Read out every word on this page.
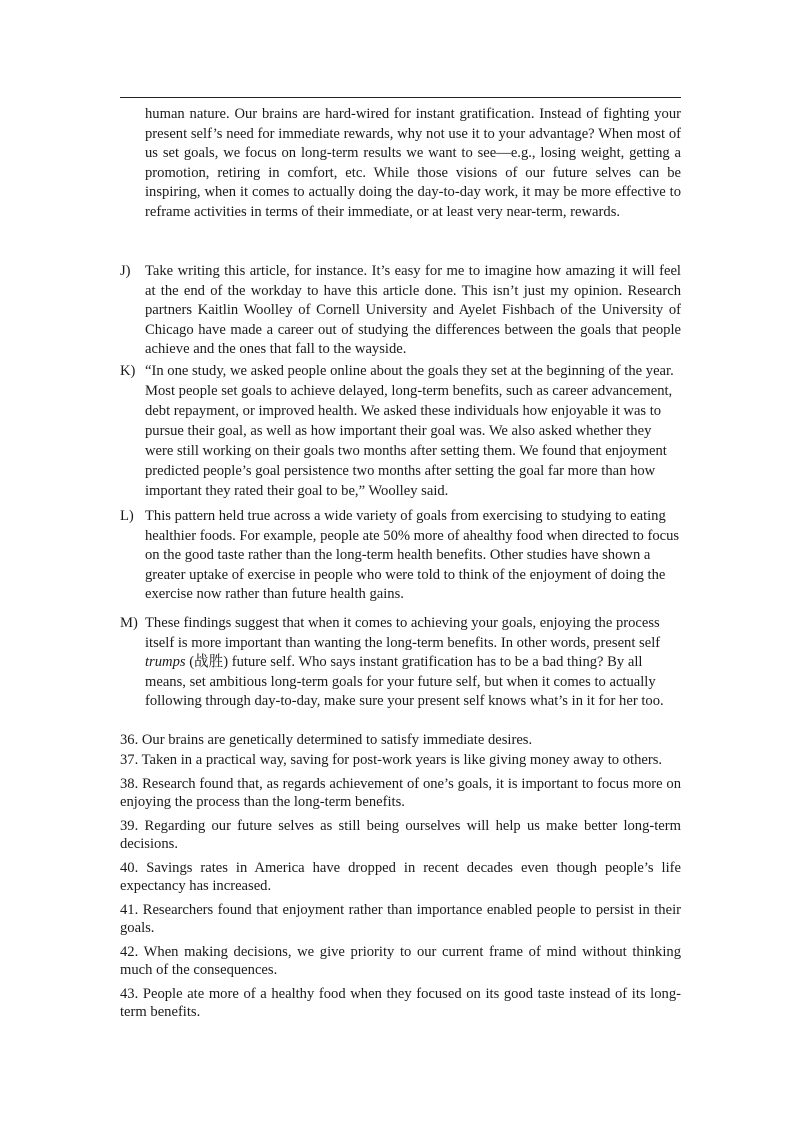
human nature. Our brains are hard-wired for instant gratification. Instead of fighting your present self’s need for immediate rewards, why not use it to your advantage? When most of us set goals, we focus on long-term results we want to see—e.g., losing weight, getting a promotion, retiring in comfort, etc. While those visions of our future selves can be inspiring, when it comes to actually doing the day-to-day work, it may be more effective to reframe activities in terms of their immediate, or at least very near-term, rewards.
J) Take writing this article, for instance. It’s easy for me to imagine how amazing it will feel at the end of the workday to have this article done. This isn’t just my opinion. Research partners Kaitlin Woolley of Cornell University and Ayelet Fishbach of the University of Chicago have made a career out of studying the differences between the goals that people achieve and the ones that fall to the wayside.
K) “In one study, we asked people online about the goals they set at the beginning of the year. Most people set goals to achieve delayed, long-term benefits, such as career advancement, debt repayment, or improved health. We asked these individuals how enjoyable it was to pursue their goal, as well as how important their goal was. We also asked whether they were still working on their goals two months after setting them. We found that enjoyment predicted people’s goal persistence two months after setting the goal far more than how important they rated their goal to be,” Woolley said.
L) This pattern held true across a wide variety of goals from exercising to studying to eating healthier foods. For example, people ate 50% more of ahealthy food when directed to focus on the good taste rather than the long-term health benefits. Other studies have shown a greater uptake of exercise in people who were told to think of the enjoyment of doing the exercise now rather than future health gains.
M) These findings suggest that when it comes to achieving your goals, enjoying the process itself is more important than wanting the long-term benefits. In other words, present self trumps (战胜) future self. Who says instant gratification has to be a bad thing? By all means, set ambitious long-term goals for your future self, but when it comes to actually following through day-to-day, make sure your present self knows what’s in it for her too.
36. Our brains are genetically determined to satisfy immediate desires.
37. Taken in a practical way, saving for post-work years is like giving money away to others.
38. Research found that, as regards achievement of one’s goals, it is important to focus more on enjoying the process than the long-term benefits.
39. Regarding our future selves as still being ourselves will help us make better long-term decisions.
40. Savings rates in America have dropped in recent decades even though people’s life expectancy has increased.
41. Researchers found that enjoyment rather than importance enabled people to persist in their goals.
42. When making decisions, we give priority to our current frame of mind without thinking much of the consequences.
43. People ate more of a healthy food when they focused on its good taste instead of its long-term benefits.
